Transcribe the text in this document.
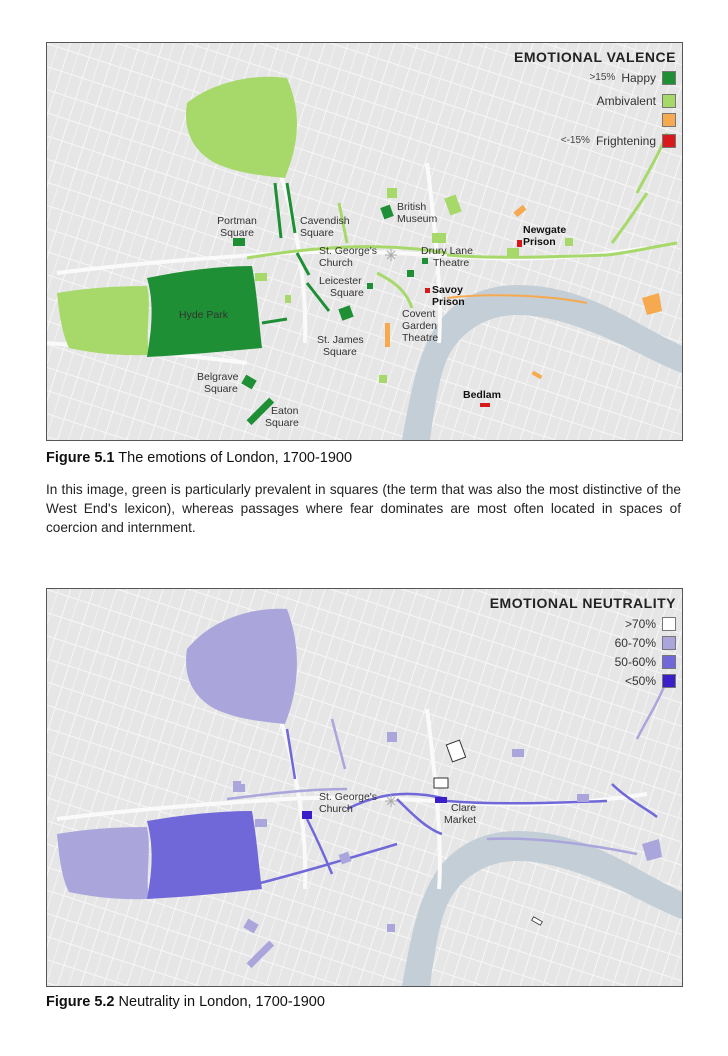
Portman
Square
Cavendish
Square
British
Museum
St. George's
Church
Drury Lane
Theatre
Newgate
Prison
Leicester
Square	Savoy
Prison
Hyde Park	Covent
Garden
Theatre
St. James
Square
Belgrave
Square	Bedlam
Eaton
Square
EMOTIONAL VALENCE
>15% Happy
Ambivalent
<-15% Frightening
Figure 5.1 The emotions of London, 1700-1900
In this image, green is particularly prevalent in squares (the term that was also the most distinctive of the West End's lexicon), whereas passages where fear dominates are most often located in spaces of coercion and internment.
St. George's
Church	Clare
Market
EMOTIONAL NEUTRALITY
>70%
60-70%
50-60%
<50%
Figure 5.2 Neutrality in London, 1700-1900
